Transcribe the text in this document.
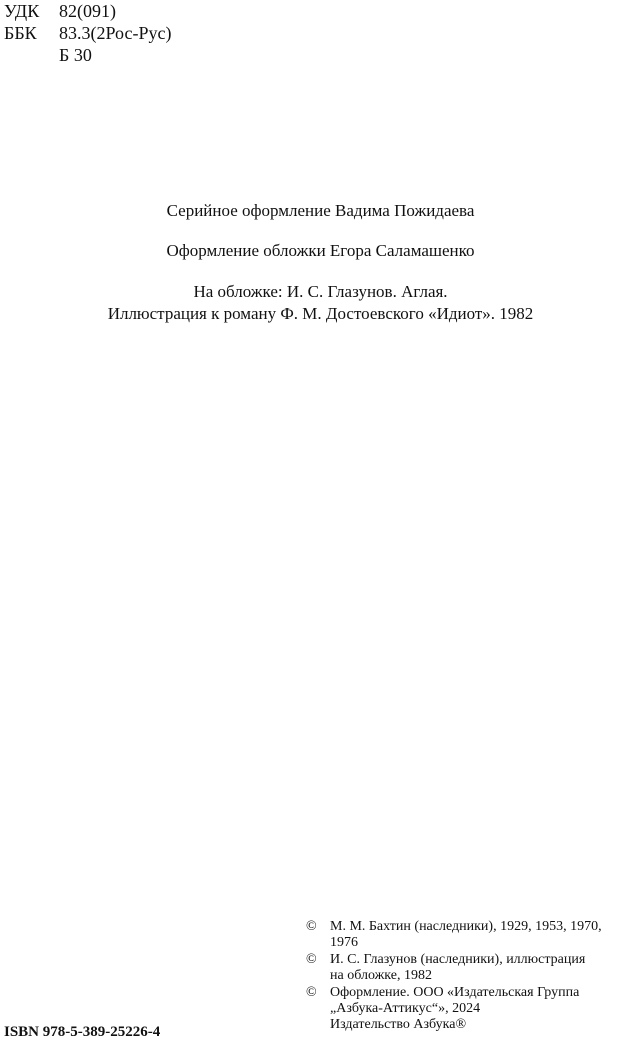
УДК 82(091)
ББК 83.3(2Рос-Рус)
Б 30
Серийное оформление Вадима Пожидаева
Оформление обложки Егора Саламашенко
На обложке: И. С. Глазунов. Аглая.
Иллюстрация к роману Ф. М. Достоевского «Идиот». 1982
© М. М. Бахтин (наследники), 1929, 1953, 1970,
1976
© И. С. Глазунов (наследники), иллюстрация
на обложке, 1982
© Оформление. ООО «Издательская Группа
„Азбука-Аттикус“», 2024
Издательство Азбука®
ISBN 978-5-389-25226-4
